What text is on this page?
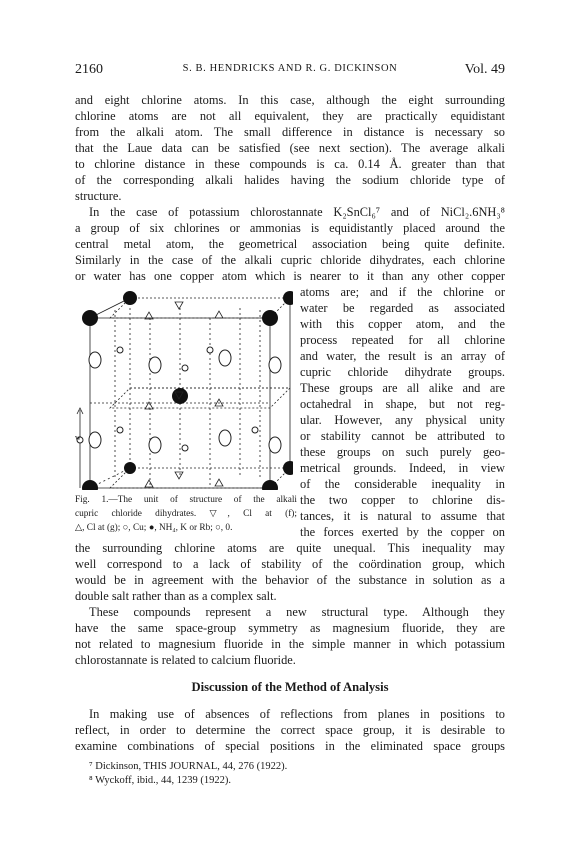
2160	S. B. HENDRICKS AND R. G. DICKINSON	Vol. 49
and eight chlorine atoms. In this case, although the eight surrounding
chlorine atoms are not all equivalent, they are practically equidistant
from the alkali atom. The small difference in distance is necessary so
that the Laue data can be satisfied (see next section). The average alkali
to chlorine distance in these compounds is ca. 0.14 Å. greater than that
of the corresponding alkali halides having the sodium chloride type of
structure.
In the case of potassium chlorostannate K₂SnCl₆⁷ and of NiCl₂.6NH₃⁸
a group of six chlorines or ammonias is equidistantly placed around the
central metal atom, the geometrical association being quite definite.
Similarly in the case of the alkali cupric chloride dihydrates, each chlorine
or water has one copper atom which is nearer to it than any other copper
w
atoms are; and if the chlorine or
water be regarded as associated
with this copper atom, and the
process repeated for all chlorine
and water, the result is an array of
cupric chloride dihydrate groups.
These groups are all alike and are
octahedral in shape, but not reg-
ular. However, any physical unity
or stability cannot be attributed to
these groups on such purely geo-
metrical grounds. Indeed, in view
of the considerable inequality in
the two copper to chlorine dis-
tances, it is natural to assume that
the forces exerted by the copper on
Fig. 1.—The unit of structure of the alkali
cupric chloride dihydrates. ▽, Cl at (f);
△, Cl at (g); ○, Cu; ●, NH₄, K or Rb; ○, 0.
the surrounding chlorine atoms are quite unequal. This inequality may
well correspond to a lack of stability of the coördination group, which
would be in agreement with the behavior of the substance in solution as a
double salt rather than as a complex salt.
These compounds represent a new structural type. Although they
have the same space-group symmetry as magnesium fluoride, they are
not related to magnesium fluoride in the simple manner in which potassium
chlorostannate is related to calcium fluoride.
Discussion of the Method of Analysis
In making use of absences of reflections from planes in positions to
reflect, in order to determine the correct space group, it is desirable to
examine combinations of special positions in the eliminated space groups
⁷ Dickinson, THIS JOURNAL, 44, 276 (1922).
⁸ Wyckoff, ibid., 44, 1239 (1922).
